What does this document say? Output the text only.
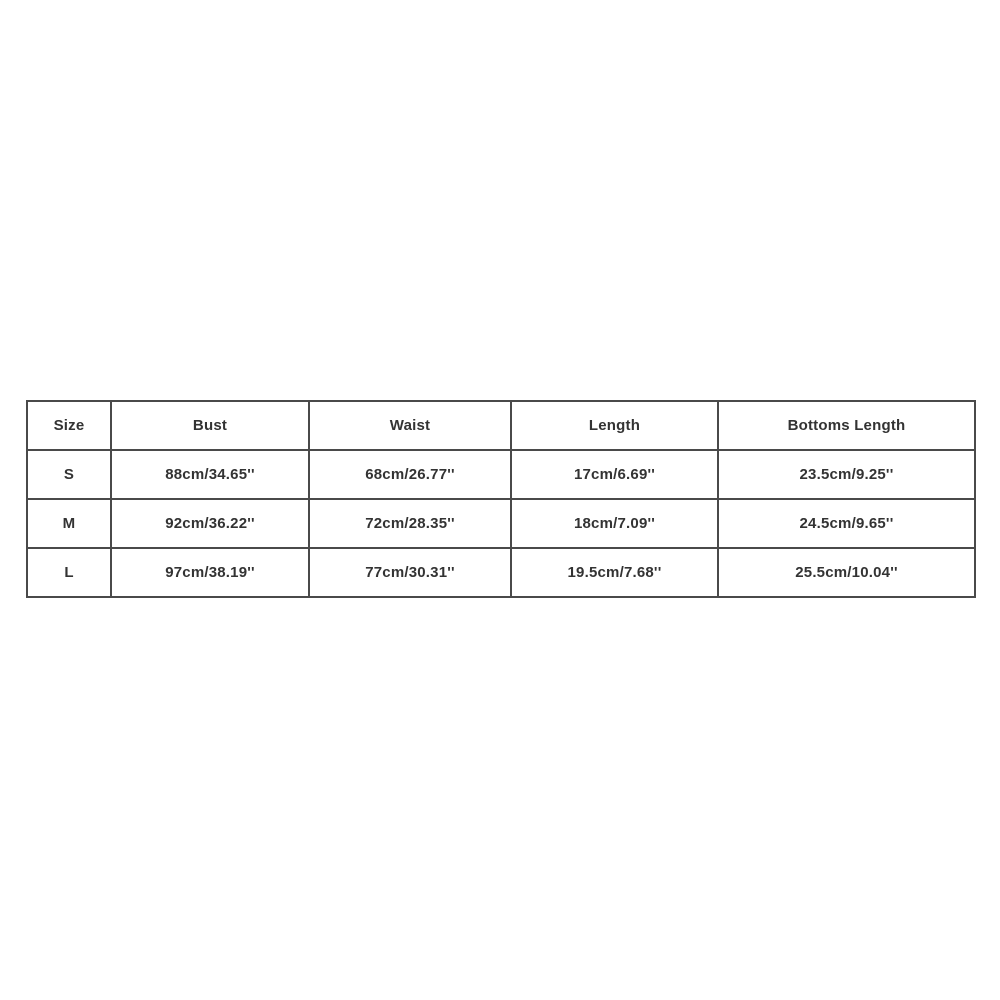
Size	Bust	Waist	Length	Bottoms Length
S	88cm/34.65''	68cm/26.77''	17cm/6.69''	23.5cm/9.25''
M	92cm/36.22''	72cm/28.35''	18cm/7.09''	24.5cm/9.65''
L	97cm/38.19''	77cm/30.31''	19.5cm/7.68''	25.5cm/10.04''
